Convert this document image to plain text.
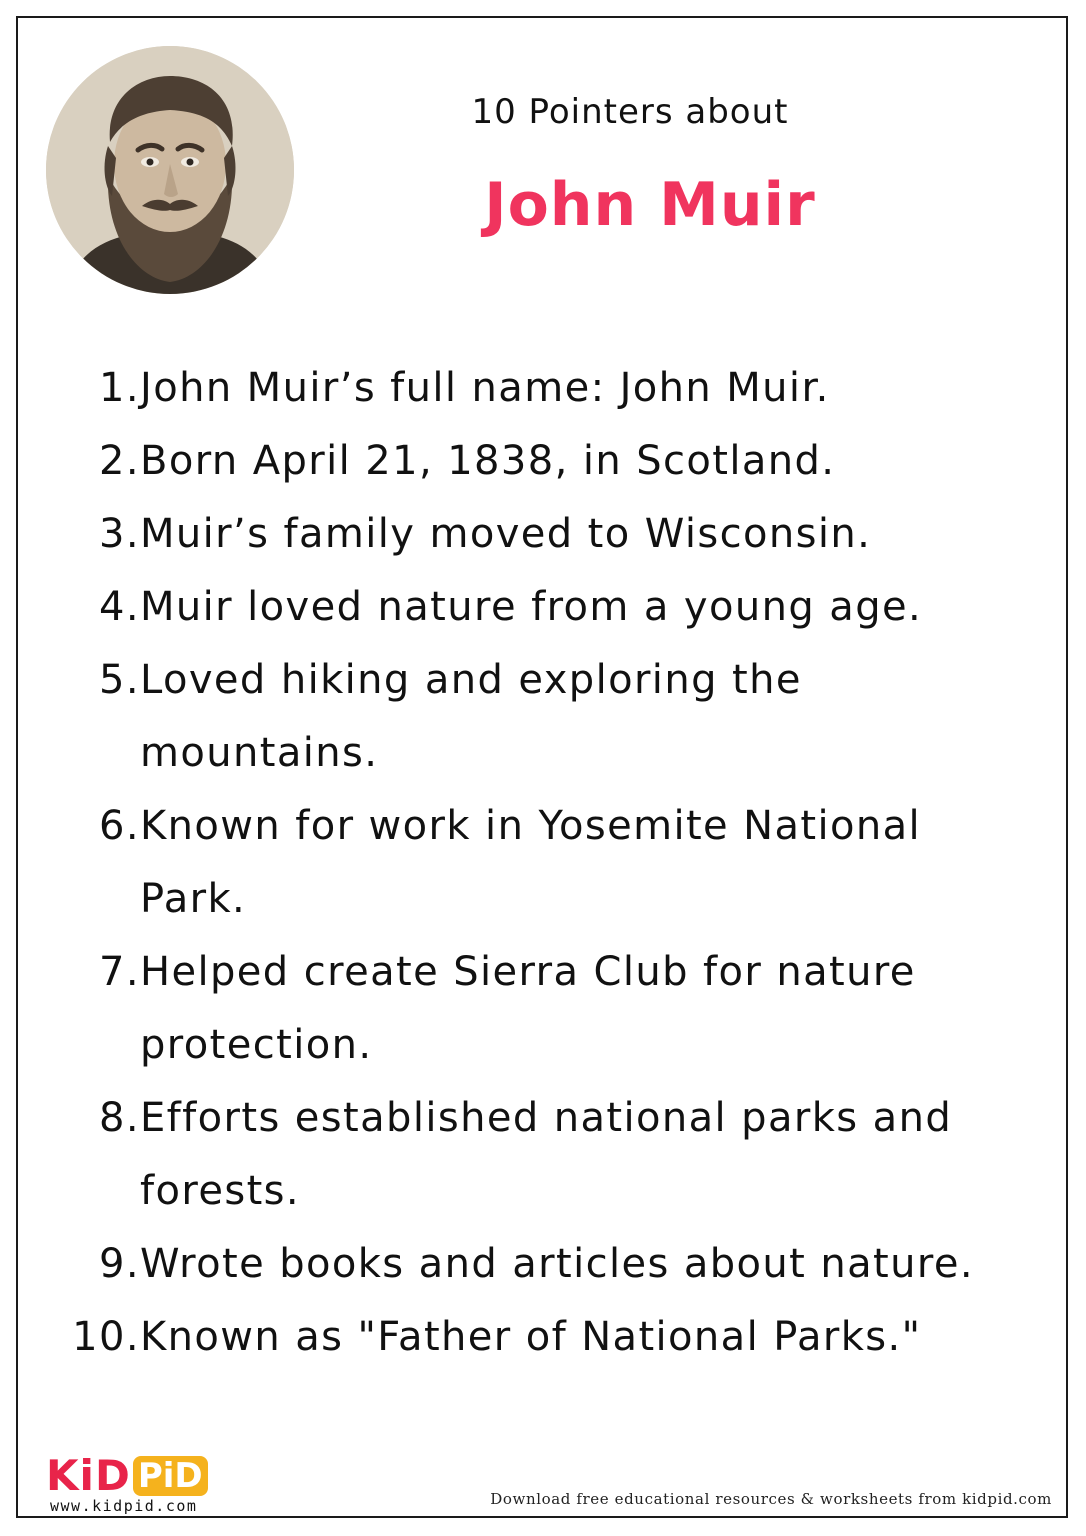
10 Pointers about
John Muir
1. John Muir’s full name: John Muir.
2. Born April 21, 1838, in Scotland.
3. Muir’s family moved to Wisconsin.
4. Muir loved nature from a young age.
5. Loved hiking and exploring the mountains.
6. Known for work in Yosemite National Park.
7. Helped create Sierra Club for nature protection.
8. Efforts established national parks and forests.
9. Wrote books and articles about nature.
10. Known as "Father of National Parks."
KiD PiD
www.kidpid.com	Download free educational resources & worksheets from kidpid.com
